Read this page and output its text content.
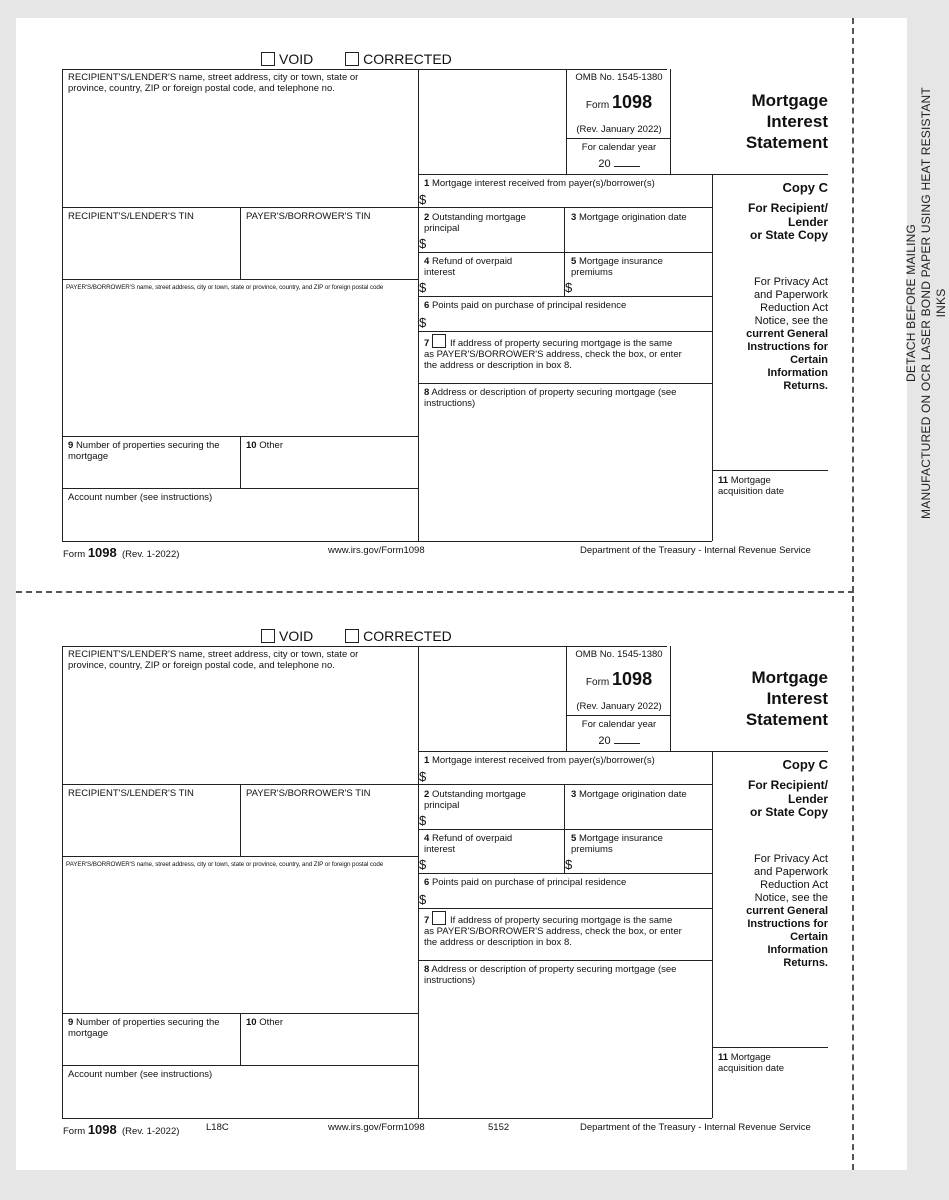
DETACH BEFORE MAILING MANUFACTURED ON OCR LASER BOND PAPER USING HEAT RESISTANT INKS
VOID	CORRECTED
RECIPIENT'S/LENDER'S name, street address, city or town, state or
province, country, ZIP or foreign postal code, and telephone no.
OMB No. 1545-1380
Form 1098
(Rev. January 2022)
For calendar year
20
Mortgage
Interest
Statement
Copy C
For Recipient/
Lender
or State Copy
For Privacy Act
and Paperwork
Reduction Act
Notice, see the
current General
Instructions for
Certain
Information
Returns.
1 Mortgage interest received from payer(s)/borrower(s)
$
RECIPIENT'S/LENDER'S TIN	PAYER'S/BORROWER'S TIN	2 Outstanding mortgage
principal
$
3 Mortgage origination date
4 Refund of overpaid
interest
$
5 Mortgage insurance
premiums
$
PAYER'S/BORROWER'S name, street address, city or town, state or province, country, and ZIP or foreign postal code
6 Points paid on purchase of principal residence
$
7 If address of property securing mortgage is the same
as PAYER'S/BORROWER'S address, check the box, or enter
the address or description in box 8.
8 Address or description of property securing mortgage (see
instructions)
9 Number of properties securing the
mortgage
10 Other
11 Mortgage
acquisition date
Account number (see instructions)
Form 1098 (Rev. 1-2022)	www.irs.gov/Form1098	Department of the Treasury - Internal Revenue Service
VOID	CORRECTED
RECIPIENT'S/LENDER'S name, street address, city or town, state or
province, country, ZIP or foreign postal code, and telephone no.
OMB No. 1545-1380
Form 1098
(Rev. January 2022)
For calendar year
20
Mortgage
Interest
Statement
Copy C
For Recipient/
Lender
or State Copy
For Privacy Act
and Paperwork
Reduction Act
Notice, see the
current General
Instructions for
Certain
Information
Returns.
1 Mortgage interest received from payer(s)/borrower(s)
$
RECIPIENT'S/LENDER'S TIN	PAYER'S/BORROWER'S TIN	2 Outstanding mortgage
principal
$
3 Mortgage origination date
4 Refund of overpaid
interest
$
5 Mortgage insurance
premiums
$
PAYER'S/BORROWER'S name, street address, city or town, state or province, country, and ZIP or foreign postal code
6 Points paid on purchase of principal residence
$
7 If address of property securing mortgage is the same
as PAYER'S/BORROWER'S address, check the box, or enter
the address or description in box 8.
8 Address or description of property securing mortgage (see
instructions)
9 Number of properties securing the
mortgage
10 Other
11 Mortgage
acquisition date
Account number (see instructions)
Form 1098 (Rev. 1-2022)	L18C	www.irs.gov/Form1098	5152	Department of the Treasury - Internal Revenue Service
